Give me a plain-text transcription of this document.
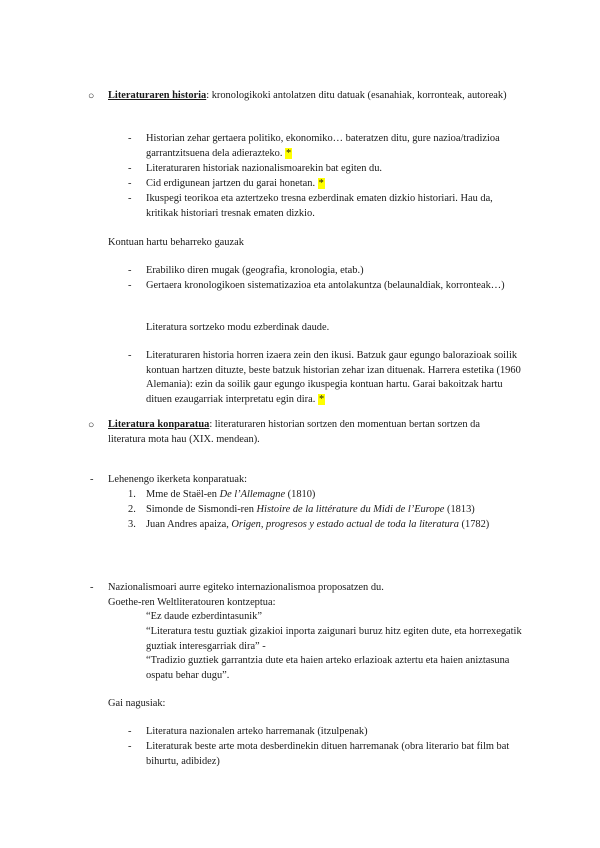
○ Literaturaren historia: kronologikoki antolatzen ditu datuak (esanahiak, korronteak, autoreak)
- Historian zehar gertaera politiko, ekonomiko… bateratzen ditu, gure nazioa/tradizioa garrantzitsuena dela adierazteko. *
- Literaturaren historiak nazionalismoarekin bat egiten du.
- Cid erdigunean jartzen du garai honetan. *
- Ikuspegi teorikoa eta aztertzeko tresna ezberdinak ematen dizkio historiari. Hau da, kritikak historiari tresnak ematen dizkio.
Kontuan hartu beharreko gauzak
- Erabiliko diren mugak (geografia, kronologia, etab.)
- Gertaera kronologikoen sistematizazioa eta antolakuntza (belaunaldiak, korronteak…)
Literatura sortzeko modu ezberdinak daude.
- Literaturaren historia horren izaera zein den ikusi. Batzuk gaur egungo balorazioak soilik kontuan hartzen dituzte, beste batzuk historian zehar izan dituenak. Harrera estetika (1960 Alemania): ezin da soilik gaur egungo ikuspegia kontuan hartu. Garai bakoitzak hartu dituen ezaugarriak interpretatu egin dira. *
○ Literatura konparatua: literaturaren historian sortzen den momentuan bertan sortzen da literatura mota hau (XIX. mendean).
- Lehenengo ikerketa konparatuak:
1. Mme de Staël-en De l’Allemagne (1810)
2. Simonde de Sismondi-ren Histoire de la littérature du Midi de l’Europe (1813)
3. Juan Andres apaiza, Origen, progresos y estado actual de toda la literatura (1782)
- Nazionalismoari aurre egiteko internazionalismoa proposatzen du.
Goethe-ren Weltliteratouren kontzeptua:
“Ez daude ezberdintasunik”
“Literatura testu guztiak gizakioi inporta zaigunari buruz hitz egiten dute, eta horrexegatik guztiak interesgarriak dira” -
“Tradizio guztiek garrantzia dute eta haien arteko erlazioak aztertu eta haien aniztasuna ospatu behar dugu”.
Gai nagusiak:
- Literatura nazionalen arteko harremanak (itzulpenak)
- Literaturak beste arte mota desberdinekin dituen harremanak (obra literario bat film bat bihurtu, adibidez)
